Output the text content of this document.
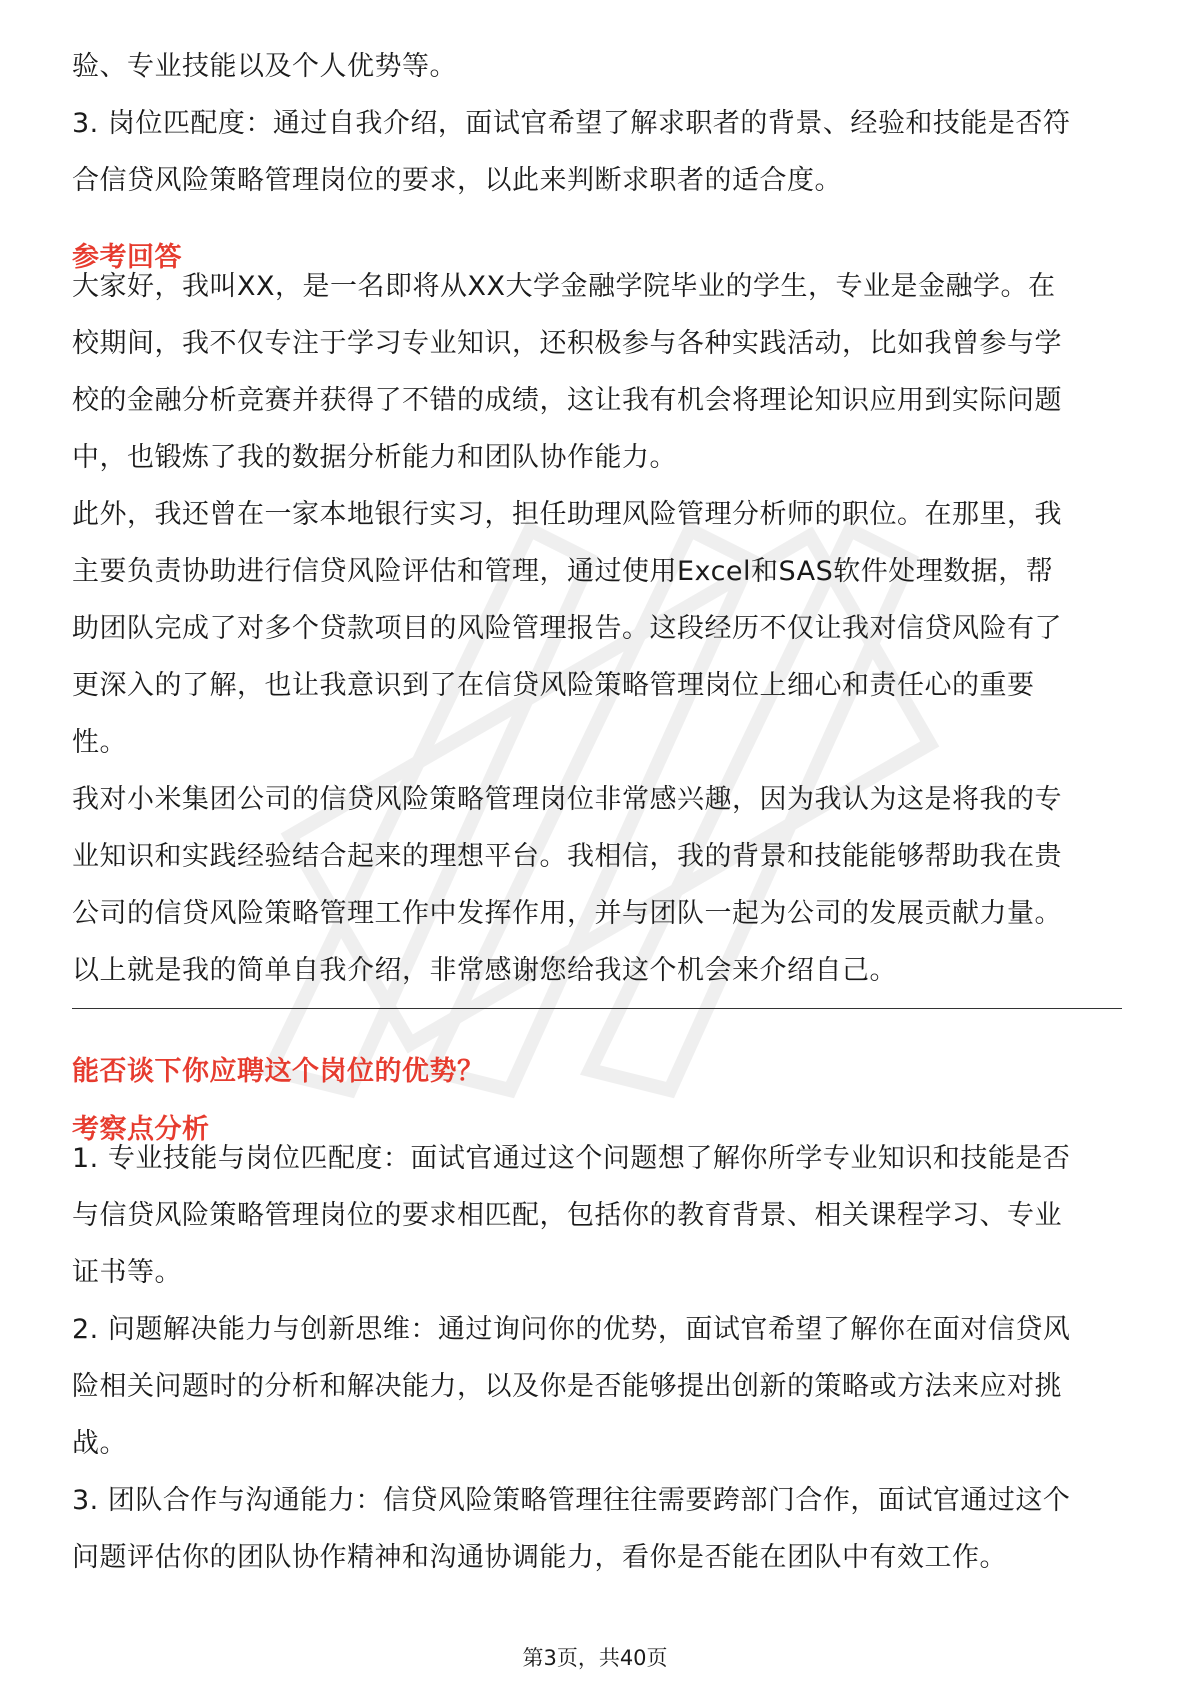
验、专业技能以及个人优势等。

3. 岗位匹配度：通过自我介绍，面试官希望了解求职者的背景、经验和技能是否符

合信贷风险策略管理岗位的要求，以此来判断求职者的适合度。

参考回答

大家好，我叫XX，是一名即将从XX大学金融学院毕业的学生，专业是金融学。在

校期间，我不仅专注于学习专业知识，还积极参与各种实践活动，比如我曾参与学

校的金融分析竞赛并获得了不错的成绩，这让我有机会将理论知识应用到实际问题

中，也锻炼了我的数据分析能力和团队协作能力。

此外，我还曾在一家本地银行实习，担任助理风险管理分析师的职位。在那里，我

主要负责协助进行信贷风险评估和管理，通过使用Excel和SAS软件处理数据，帮

助团队完成了对多个贷款项目的风险管理报告。这段经历不仅让我对信贷风险有了

更深入的了解，也让我意识到了在信贷风险策略管理岗位上细心和责任心的重要

性。

我对小米集团公司的信贷风险策略管理岗位非常感兴趣，因为我认为这是将我的专

业知识和实践经验结合起来的理想平台。我相信，我的背景和技能能够帮助我在贵

公司的信贷风险策略管理工作中发挥作用，并与团队一起为公司的发展贡献力量。

以上就是我的简单自我介绍，非常感谢您给我这个机会来介绍自己。

能否谈下你应聘这个岗位的优势？

考察点分析

1. 专业技能与岗位匹配度：面试官通过这个问题想了解你所学专业知识和技能是否

与信贷风险策略管理岗位的要求相匹配，包括你的教育背景、相关课程学习、专业

证书等。

2. 问题解决能力与创新思维：通过询问你的优势，面试官希望了解你在面对信贷风

险相关问题时的分析和解决能力，以及你是否能够提出创新的策略或方法来应对挑

战。

3. 团队合作与沟通能力：信贷风险策略管理往往需要跨部门合作，面试官通过这个

问题评估你的团队协作精神和沟通协调能力，看你是否能在团队中有效工作。

第3页，共40页
